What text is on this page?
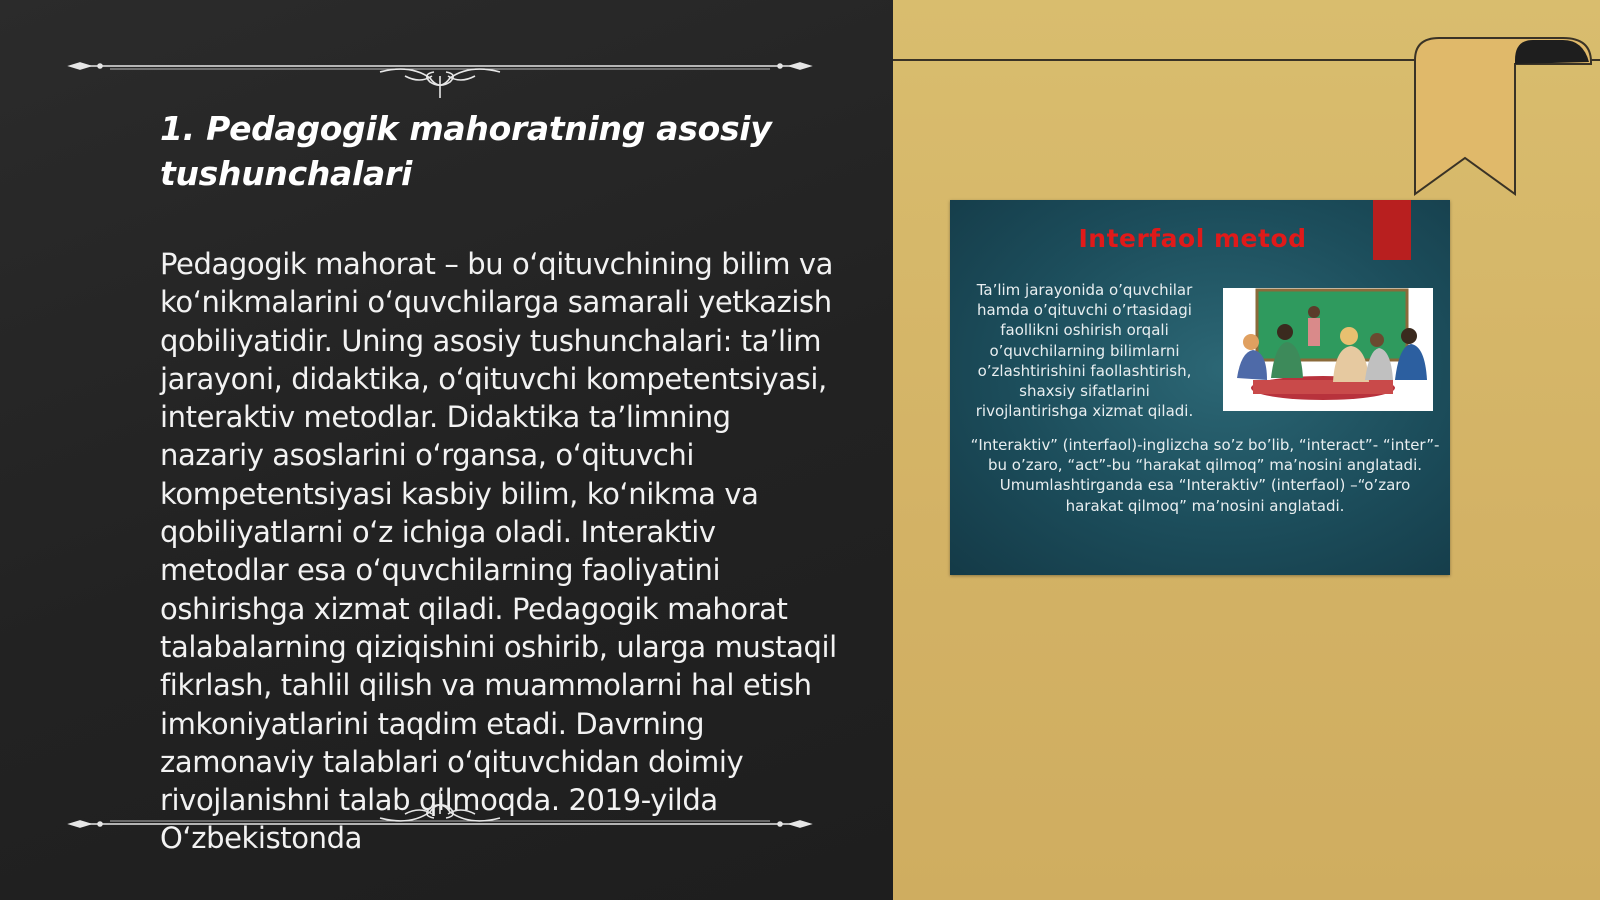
1. Pedagogik mahoratning asosiy tushunchalari

Pedagogik mahorat – bu o‘qituvchining bilim va ko‘nikmalarini o‘quvchilarga samarali yetkazish qobiliyatidir. Uning asosiy tushunchalari: ta’lim jarayoni, didaktika, o‘qituvchi kompetentsiyasi, interaktiv metodlar. Didaktika ta’limning nazariy asoslarini o‘rgansa, o‘qituvchi kompetentsiyasi kasbiy bilim, ko‘nikma va qobiliyatlarni o‘z ichiga oladi. Interaktiv metodlar esa o‘quvchilarning faoliyatini oshirishga xizmat qiladi. Pedagogik mahorat talabalarning qiziqishini oshirib, ularga mustaqil fikrlash, tahlil qilish va muammolarni hal etish imkoniyatlarini taqdim etadi. Davrning zamonaviy talablari o‘qituvchidan doimiy rivojlanishni talab qilmoqda. 2019-yilda O‘zbekistonda

Interfaol metod

Ta’lim jarayonida o’quvchilar hamda o’qituvchi o’rtasidagi faollikni oshirish orqali o’quvchilarning bilimlarni o’zlashtirishini faollashtirish, shaxsiy sifatlarini rivojlantirishga xizmat qiladi.

“Interaktiv” (interfaol)-inglizcha so’z bo’lib, “interact”- “inter”-bu o’zaro, “act”-bu “harakat qilmoq” ma’nosini anglatadi. Umumlashtirganda esa “Interaktiv” (interfaol) –“o’zaro harakat qilmoq” ma’nosini anglatadi.
